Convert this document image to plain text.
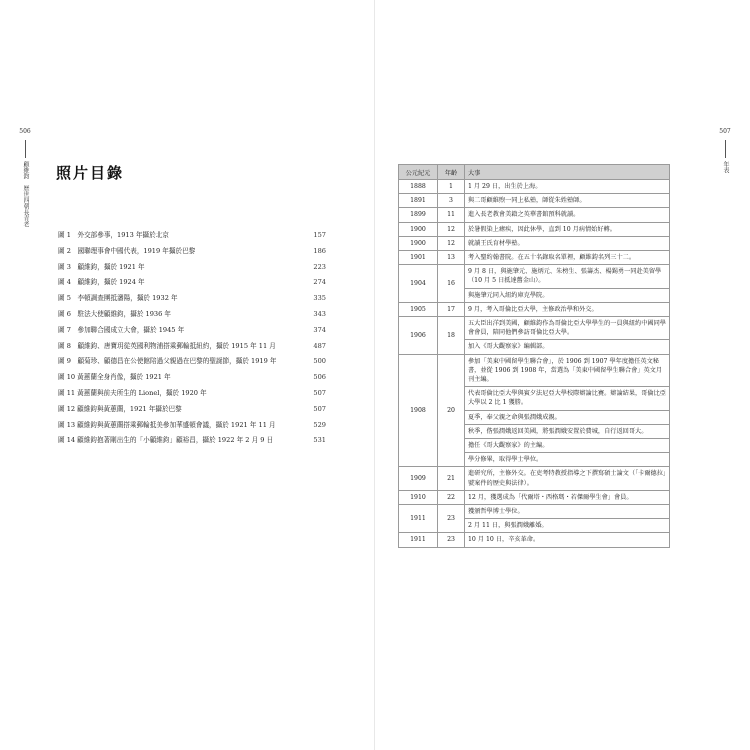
506
顧維鈞
歷世四朝長青老
照片目錄
圖 1　外交部參事，1913 年攝於北京	157
圖 2　國聯理事會中國代表，1919 年攝於巴黎	186
圖 3　顧維鈞，攝於 1921 年	223
圖 4　顧維鈞，攝於 1924 年	274
圖 5　李頓調查團抵瀋陽，攝於 1932 年	335
圖 6　駐法大使顧維鈞，攝於 1936 年	343
圖 7　參加聯合國成立大會，攝於 1945 年	374
圖 8　顧維鈞、唐寶玥從英國利物浦搭乘郵輪抵紐約，攝於 1915 年 11 月	487
圖 9　顧菊珍、顧德昌在公使館陪過父親過在巴黎的聖誕節，攝於 1919 年	500
圖 10 黃蕙蘭全身肖像，攝於 1921 年	506
圖 11 黃蕙蘭與前夫所生的 Lionel，攝於 1920 年	507
圖 12 顧維鈞與黃蕙蘭，1921 年攝於巴黎	507
圖 13 顧維鈞與黃蕙蘭搭乘郵輪抵美參加華盛頓會議，攝於 1921 年 11 月	529
圖 14 顧維鈞抱著剛出生的「小顧維鈞」顧裕昌，攝於 1922 年 2 月 9 日	531
507
年表
公元紀元	年齡	大事
1888	1	1 月 29 日，出生於上海。
1891	3	與二哥顧維煦一同上私塾，師從朱姓塾師。
1899	11	進入長老教會美籍之英華書館預科就讀。
1900	12	於暑假染上瘧疾，因此休學，直到 10 月病情始好轉。
1900	12	就讀王氏育材學塾。
1901	13	考入聖約翰書院。在五十名錄取名單裡，顧維鈞名列三十二。
1904	16	9 月 8 日，與施肇元、施炳元、朱榜生、張籌杰、楊錫勇一同赴美留學（10 月 5 日抵達舊金山）。
		與施肇元同入紐約庫克學院。
1905	17	9 月，考入哥倫比亞大學，主修政治學和外交。
1906	18	五大臣出洋到美國，顧維鈞作為哥倫比亞大學學生的一員與紐約中國同學會會員，陪同他們參訪哥倫比亞大學。
		加入《哥大觀察家》編輯部。
1908	20	參加「美東中國留學生聯合會」，於 1906 到 1907 學年度擔任英文秘書，並從 1906 到 1908 年，當選為「美東中國留學生聯合會」英文月刊主編。
		代表哥倫比亞大學與賓夕法尼亞大學校際辯論比賽。辯論結果，哥倫比亞大學以 2 比 1 獲勝。
		夏季，奉父親之命與張潤娥成親。
		秋季，偕張潤娥返回美國，將張潤娥安置於費城，自行返回哥大。
		擔任《哥大觀察家》的主編。
		學分修畢，取得學士學位。
1909	21	進研究所，主修外交。在吏考特教授指導之下撰寫碩士論文（「卡爾德拉」號案件的歷史與法律）。
1910	22	12 月，獲選成為「代爾塔・西格瑪・若傑爾學生會」會員。
1911	23	獲頒哲學博士學位。
		2 月 11 日，與張潤娥離婚。
1911	23	10 月 10 日，辛亥革命。
